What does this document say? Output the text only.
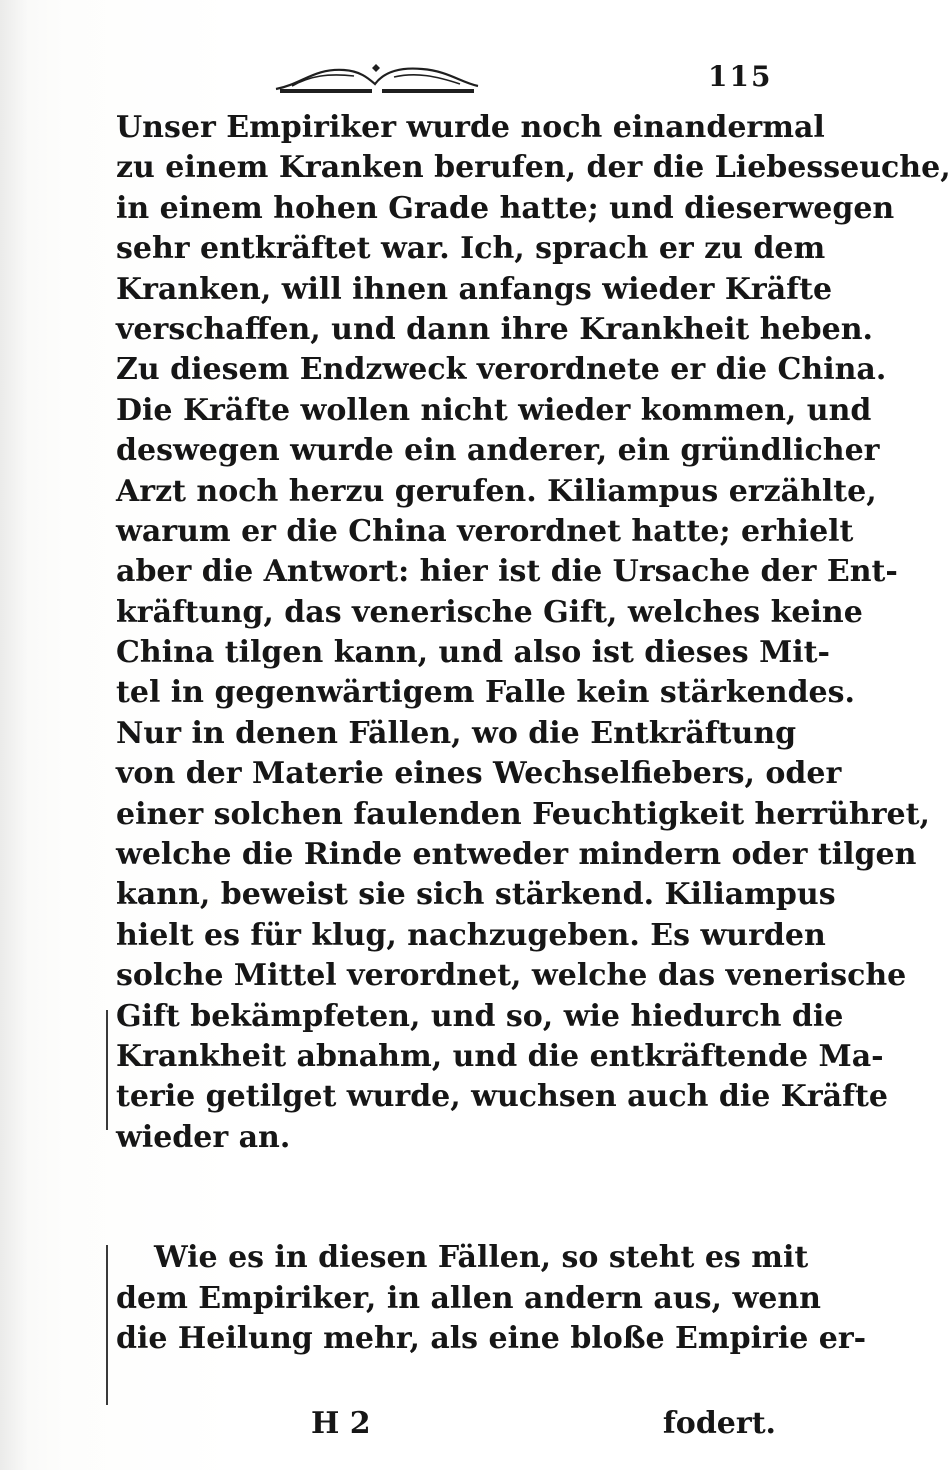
115
Unser Empiriker wurde noch einandermal
zu einem Kranken berufen, der die Liebesseuche,
in einem hohen Grade hatte; und dieserwegen
sehr entkräftet war. Ich, sprach er zu dem
Kranken, will ihnen anfangs wieder Kräfte
verschaffen, und dann ihre Krankheit heben.
Zu diesem Endzweck verordnete er die China.
Die Kräfte wollen nicht wieder kommen, und
deswegen wurde ein anderer, ein gründlicher
Arzt noch herzu gerufen. Kiliampus erzählte,
warum er die China verordnet hatte; erhielt
aber die Antwort: hier ist die Ursache der Ent-
kräftung, das venerische Gift, welches keine
China tilgen kann, und also ist dieses Mit-
tel in gegenwärtigem Falle kein stärkendes.
Nur in denen Fällen, wo die Entkräftung
von der Materie eines Wechselfiebers, oder
einer solchen faulenden Feuchtigkeit herrühret,
welche die Rinde entweder mindern oder tilgen
kann, beweist sie sich stärkend. Kiliampus
hielt es für klug, nachzugeben. Es wurden
solche Mittel verordnet, welche das venerische
Gift bekämpfeten, und so, wie hiedurch die
Krankheit abnahm, und die entkräftende Ma-
terie getilget wurde, wuchsen auch die Kräfte
wieder an.
Wie es in diesen Fällen, so steht es mit
dem Empiriker, in allen andern aus, wenn
die Heilung mehr, als eine bloße Empirie er-
H 2	fodert.
